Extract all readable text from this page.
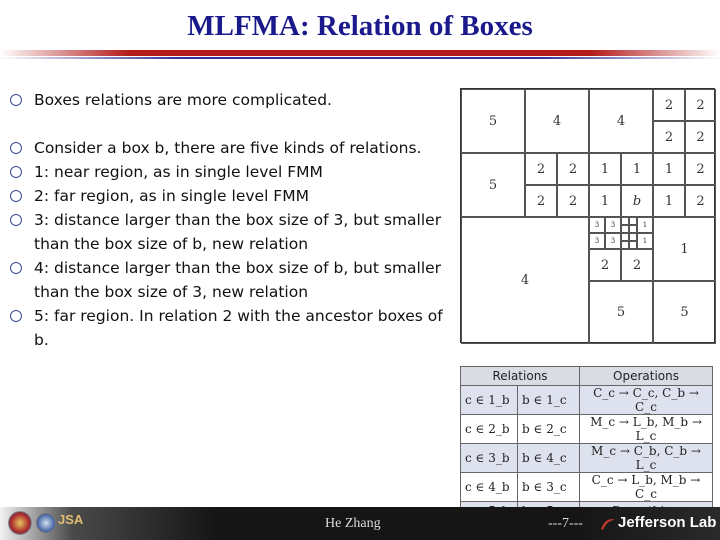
MLFMA: Relation of Boxes
Boxes relations are more complicated.
Consider a box b, there are five kinds of relations.
1: near region, as in single level FMM
2: far region, as in single level FMM
3: distance larger than the box size of 3, but smaller than the box size of b, new relation
4: distance larger than the box size of b, but smaller than the box size of 3, new relation
5: far region. In relation 2 with the ancestor boxes of b.
5	4	4
2	2
2	2
5
2	2	1	1	1	2
2	2	1	b	1	2
4
3	3	1
3	3	1
2	2
1
5	5
Relations		Operations
c ∈ 1_b	b ∈ 1_c	C_c → C_c, C_b → C_c
c ∈ 2_b	b ∈ 2_c	M_c → L_b, M_b → L_c
c ∈ 3_b	b ∈ 4_c	M_c → C_b, C_b → L_c
c ∈ 4_b	b ∈ 3_c	C_c → L_b, M_b → C_c

JSA	He Zhang	---7--- Jefferson Lab
